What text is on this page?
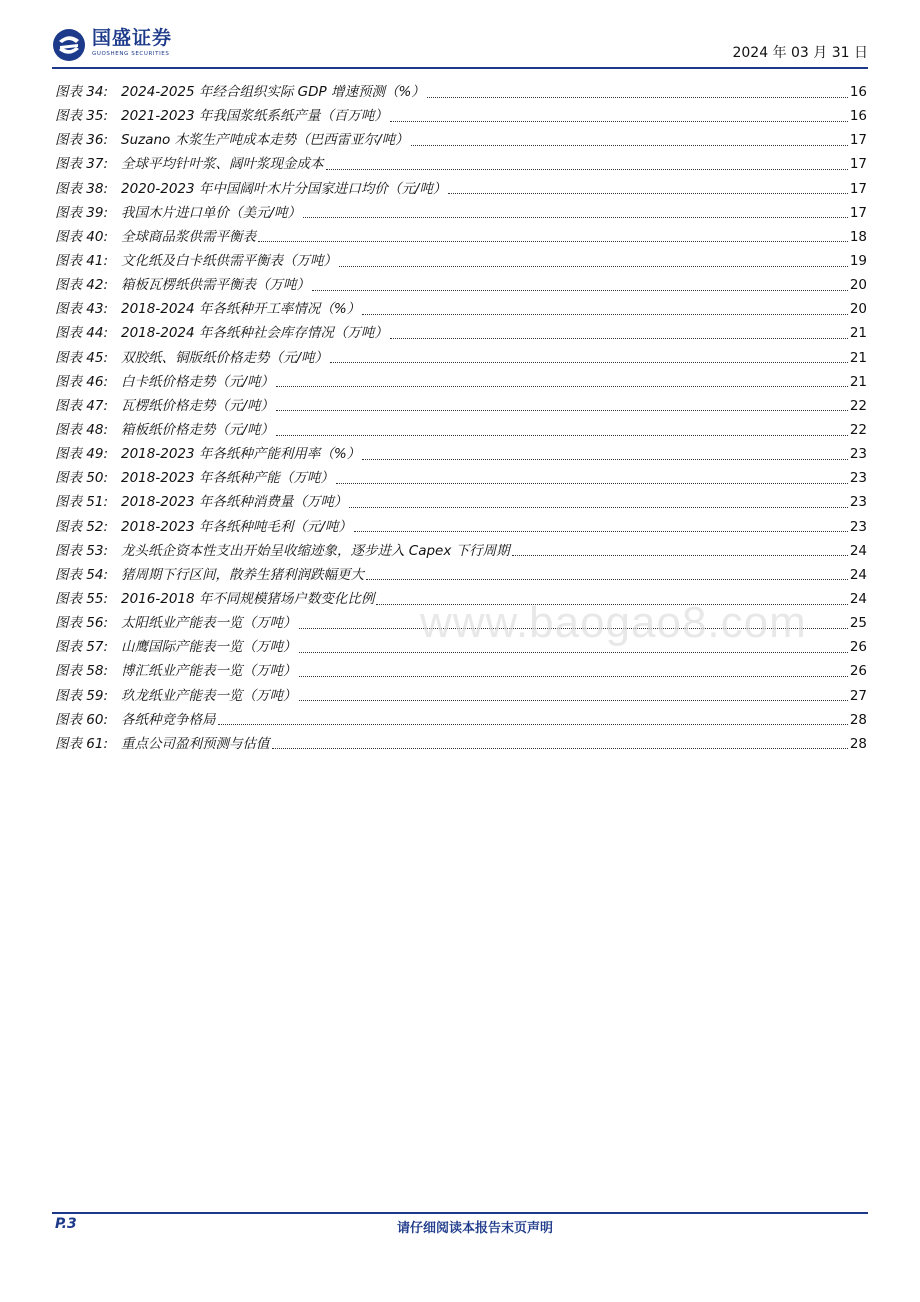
国盛证券
GUOSHENG SECURITIES	2024 年 03 月 31 日
图表 34: 2024-2025 年经合组织实际 GDP 增速预测（%）	16
图表 35: 2021-2023 年我国浆纸系纸产量（百万吨）	16
图表 36: Suzano 木浆生产吨成本走势（巴西雷亚尔/吨）	17
图表 37: 全球平均针叶浆、阔叶浆现金成本	17
图表 38: 2020-2023 年中国阔叶木片分国家进口均价（元/吨）	17
图表 39: 我国木片进口单价（美元/吨）	17
图表 40: 全球商品浆供需平衡表	18
图表 41: 文化纸及白卡纸供需平衡表（万吨）	19
图表 42: 箱板瓦楞纸供需平衡表（万吨）	20
图表 43: 2018-2024 年各纸种开工率情况（%）	20
图表 44: 2018-2024 年各纸种社会库存情况（万吨）	21
图表 45: 双胶纸、铜版纸价格走势（元/吨）	21
图表 46: 白卡纸价格走势（元/吨）	21
图表 47: 瓦楞纸价格走势（元/吨）	22
图表 48: 箱板纸价格走势（元/吨）	22
图表 49: 2018-2023 年各纸种产能利用率（%）	23
图表 50: 2018-2023 年各纸种产能（万吨）	23
图表 51: 2018-2023 年各纸种消费量（万吨）	23
图表 52: 2018-2023 年各纸种吨毛利（元/吨）	23
图表 53: 龙头纸企资本性支出开始呈收缩迹象，逐步进入 Capex 下行周期	24
图表 54: 猪周期下行区间，散养生猪利润跌幅更大	24
图表 55: 2016-2018 年不同规模猪场户数变化比例	24
图表 56: 太阳纸业产能表一览（万吨）	25
图表 57: 山鹰国际产能表一览（万吨）	26
图表 58: 博汇纸业产能表一览（万吨）	26
图表 59: 玖龙纸业产能表一览（万吨）	27
图表 60: 各纸种竞争格局	28
图表 61: 重点公司盈利预测与估值	28
www.baogao8.com
P.3	请仔细阅读本报告末页声明
